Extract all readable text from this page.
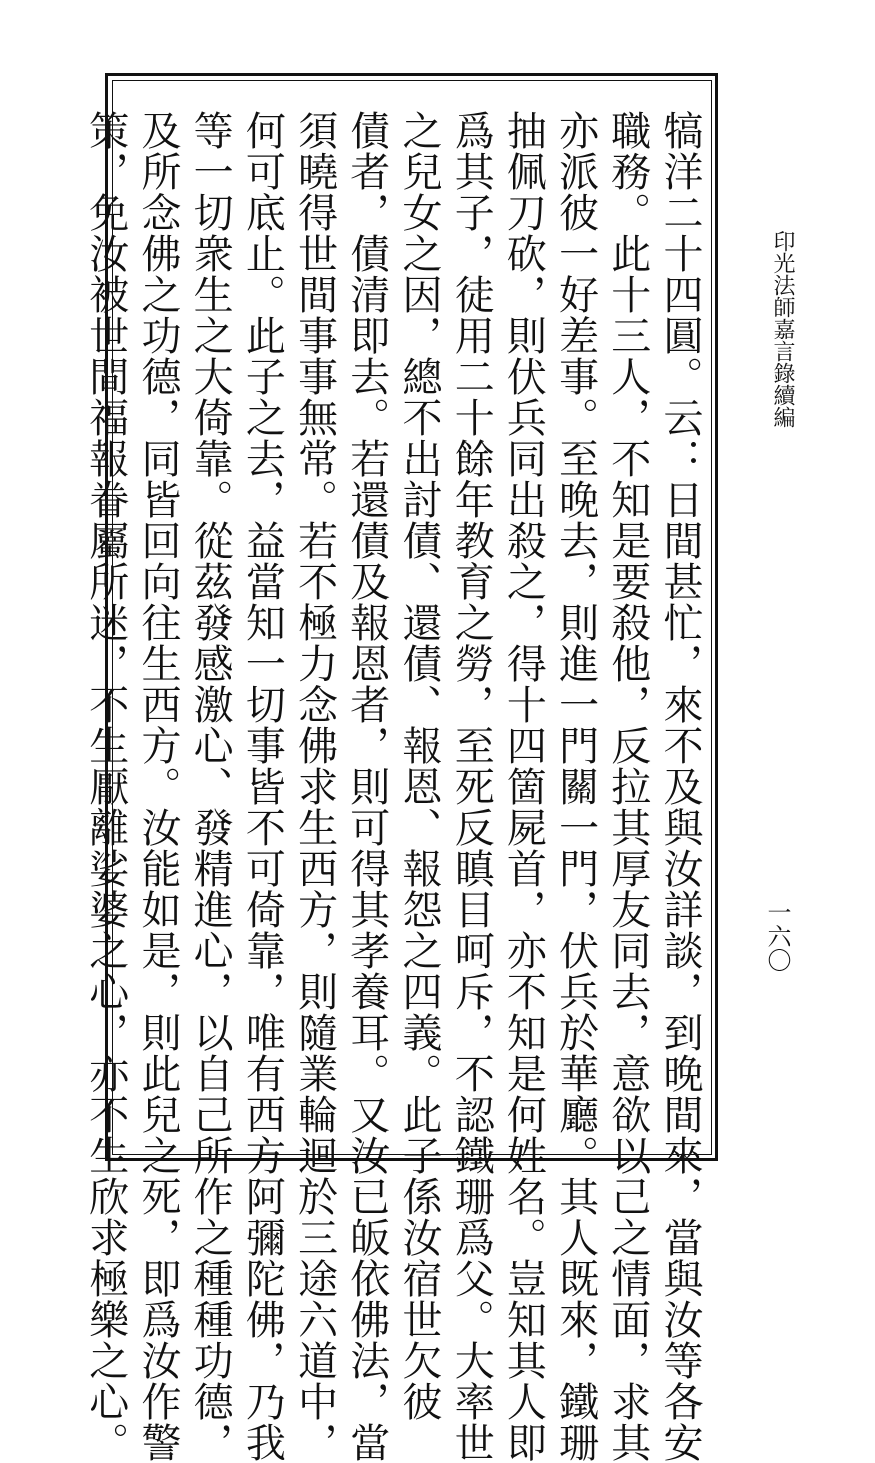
犒洋二十四圓。云：日間甚忙，來不及與汝詳談，到晚間來，當與汝等各安
職務。此十三人，不知是要殺他，反拉其厚友同去，意欲以己之情面，求其
亦派彼一好差事。至晚去，則進一門關一門，伏兵於華廳。其人既來，鐵珊
抽佩刀砍，則伏兵同出殺之，得十四箇屍首，亦不知是何姓名。豈知其人即
爲其子，徒用二十餘年教育之勞，至死反瞋目呵斥，不認鐵珊爲父。大率世
之兒女之因，總不出討債、還債、報恩、報怨之四義。此子係汝宿世欠彼
債者，債清即去。若還債及報恩者，則可得其孝養耳。又汝已皈依佛法，當
須曉得世間事事無常。若不極力念佛求生西方，則隨業輪迴於三途六道中，
何可底止。此子之去，益當知一切事皆不可倚靠，唯有西方阿彌陀佛，乃我
等一切衆生之大倚靠。從茲發感激心、發精進心，以自己所作之種種功德，
及所念佛之功德，同皆回向往生西方。汝能如是，則此兒之死，即爲汝作警
策，免汝被世間福報眷屬所迷，不生厭離娑婆之心，亦不生欣求極樂之心。	印光法師嘉言錄續編
一六〇
